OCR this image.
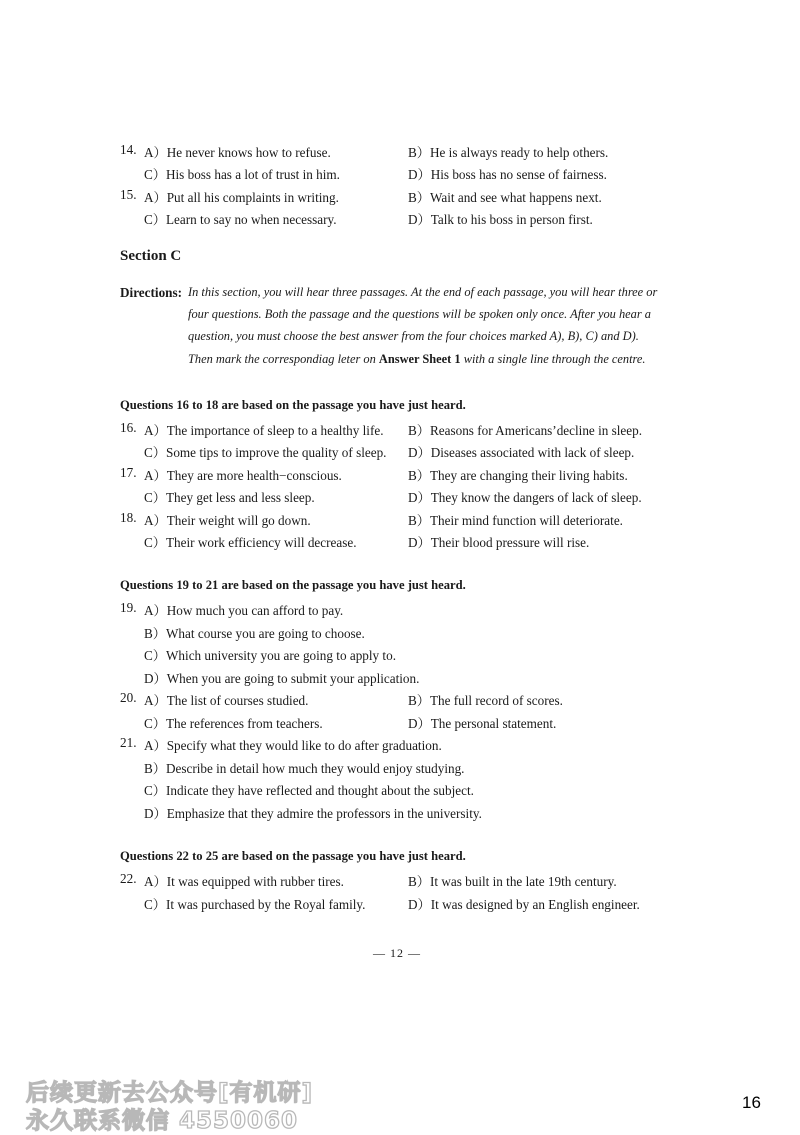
14. A）He never knows how to refuse.	B）He is always ready to help others.
C）His boss has a lot of trust in him.	D）His boss has no sense of fairness.
15. A）Put all his complaints in writing.	B）Wait and see what happens next.
C）Learn to say no when necessary.	D）Talk to his boss in person first.
Section C
Directions: In this section, you will hear three passages. At the end of each passage, you will hear three or
four questions. Both the passage and the questions will be spoken only once. After you hear a
question, you must choose the best answer from the four choices marked A), B), C) and D).
Then mark the correspondiag leter on Answer Sheet 1 with a single line through the centre.
Questions 16 to 18 are based on the passage you have just heard.
16. A）The importance of sleep to a healthy life. B）Reasons for Americans’decline in sleep.
C）Some tips to improve the quality of sleep. D）Diseases associated with lack of sleep.
17. A）They are more health−conscious.	B）They are changing their living habits.
C）They get less and less sleep.	D）They know the dangers of lack of sleep.
18. A）Their weight will go down.	B）Their mind function will deteriorate.
C）Their work efficiency will decrease.	D）Their blood pressure will rise.
Questions 19 to 21 are based on the passage you have just heard.
19. A）How much you can afford to pay.
B）What course you are going to choose.
C）Which university you are going to apply to.
D）When you are going to submit your application.
20. A）The list of courses studied.	B）The full record of scores.
C）The references from teachers.	D）The personal statement.
21. A）Specify what they would like to do after graduation.
B）Describe in detail how much they would enjoy studying.
C）Indicate they have reflected and thought about the subject.
D）Emphasize that they admire the professors in the university.
Questions 22 to 25 are based on the passage you have just heard.
22. A）It was equipped with rubber tires.	B）It was built in the late 19th century.
C）It was purchased by the Royal family.	D）It was designed by an English engineer.
— 12 —
后续更新去公众号[有机研]
永久联系微信 4550060
16
